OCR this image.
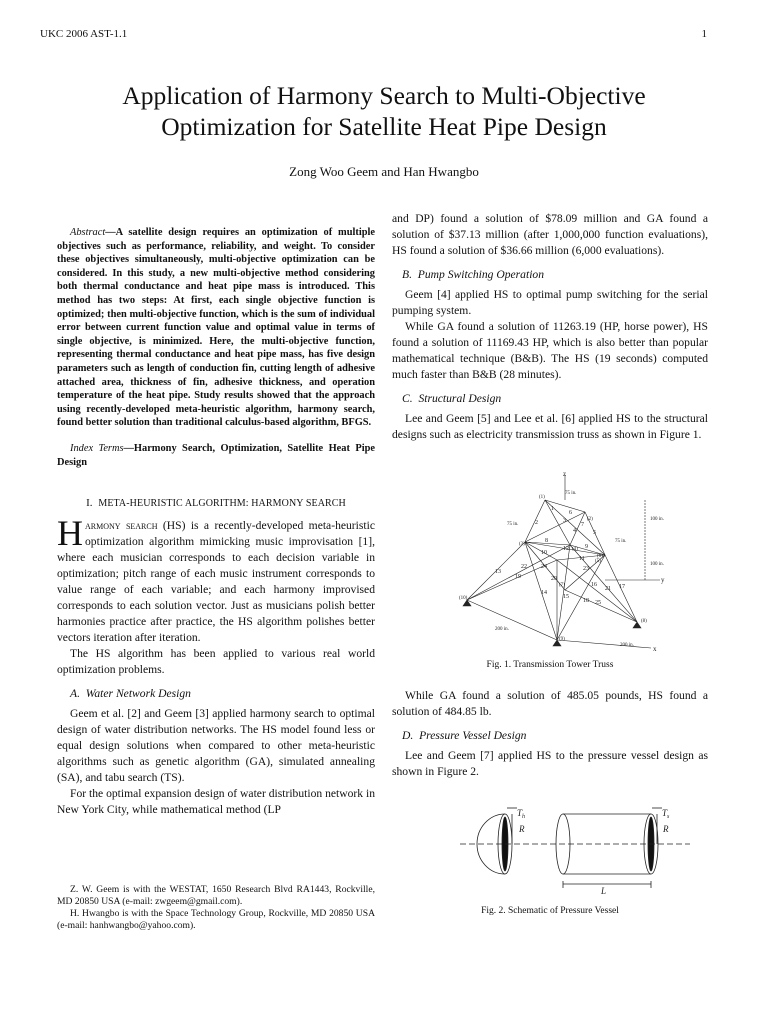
UKC 2006 AST-1.1	1
Application of Harmony Search to Multi-Objective
Optimization for Satellite Heat Pipe Design
Zong Woo Geem and Han Hwangbo

Abstract—A satellite design requires an optimization of multiple objectives such as performance, reliability, and weight. To consider these objectives simultaneously, multi-objective optimization can be considered. In this study, a new multi-objective method considering both thermal conductance and heat pipe mass is introduced. This method has two steps: At first, each single objective function is optimized; then multi-objective function, which is the sum of individual error between current function value and optimal value in terms of single objective, is minimized. Here, the multi-objective function, representing thermal conductance and heat pipe mass, has five design parameters such as length of conduction fin, cutting length of adhesive attached area, thickness of fin, adhesive thickness, and operation temperature of the heat pipe. Study results showed that the approach using recently-developed meta-heuristic algorithm, harmony search, found better solution than traditional calculus-based algorithm, BFGS.

Index Terms—Harmony Search, Optimization, Satellite Heat Pipe Design

I. META-HEURISTIC ALGORITHM: HARMONY SEARCH

Harmony search (HS) is a recently-developed meta-heuristic optimization algorithm mimicking music improvisation [1], where each musician corresponds to each decision variable in optimization; pitch range of each music instrument corresponds to value range of each variable; and each harmony improvised corresponds to each solution vector. Just as musicians polish better harmonies practice after practice, the HS algorithm polishes better vectors iteration after iteration.

The HS algorithm has been applied to various real world optimization problems.

A. Water Network Design

Geem et al. [2] and Geem [3] applied harmony search to optimal design of water distribution networks. The HS model found less or equal design solutions when compared to other meta-heuristic algorithms such as genetic algorithm (GA), simulated annealing (SA), and tabu search (TS).

For the optimal expansion design of water distribution network in New York City, while mathematical method (LP

Z. W. Geem is with the WESTAT, 1650 Research Blvd RA1443, Rockville, MD 20850 USA (e-mail: zwgeem@gmail.com).

H. Hwangbo is with the Space Technology Group, Rockville, MD 20850 USA (e-mail: hanhwangbo@yahoo.com).

and DP) found a solution of $78.09 million and GA found a solution of $37.13 million (after 1,000,000 function evaluations), HS found a solution of $36.66 million (6,000 evaluations).

B. Pump Switching Operation

Geem [4] applied HS to optimal pump switching for the serial pumping system.

While GA found a solution of 11263.19 (HP, horse power), HS found a solution of 11169.43 HP, which is also better than popular mathematical technique (B&B). The HS (19 seconds) computed much faster than B&B (28 minutes).

C. Structural Design

Lee and Geem [5] and Lee et al. [6] applied HS to the structural designs such as electricity transmission truss as shown in Figure 1.

z
(1)
(2)
(3)
(4)
(5)
(6)
(7)
(8)
(9)
(10)
75 in.
75 in.
75 in.
100 in.
100 in.
200 in.
200 in.
1
2	3
4	5
6
7
8
9
10
11
12
13
14
15
16	17
18
19	20
21
22	23
24
25
x
y
Fig. 1. Transmission Tower Truss

While GA found a solution of 485.05 pounds, HS found a solution of 484.85 lb.

D. Pressure Vessel Design

Lee and Geem [7] applied HS to the pressure vessel design as shown in Figure 2.

$T_h$
R
$T_s$
R
L
Fig. 2. Schematic of Pressure Vessel
